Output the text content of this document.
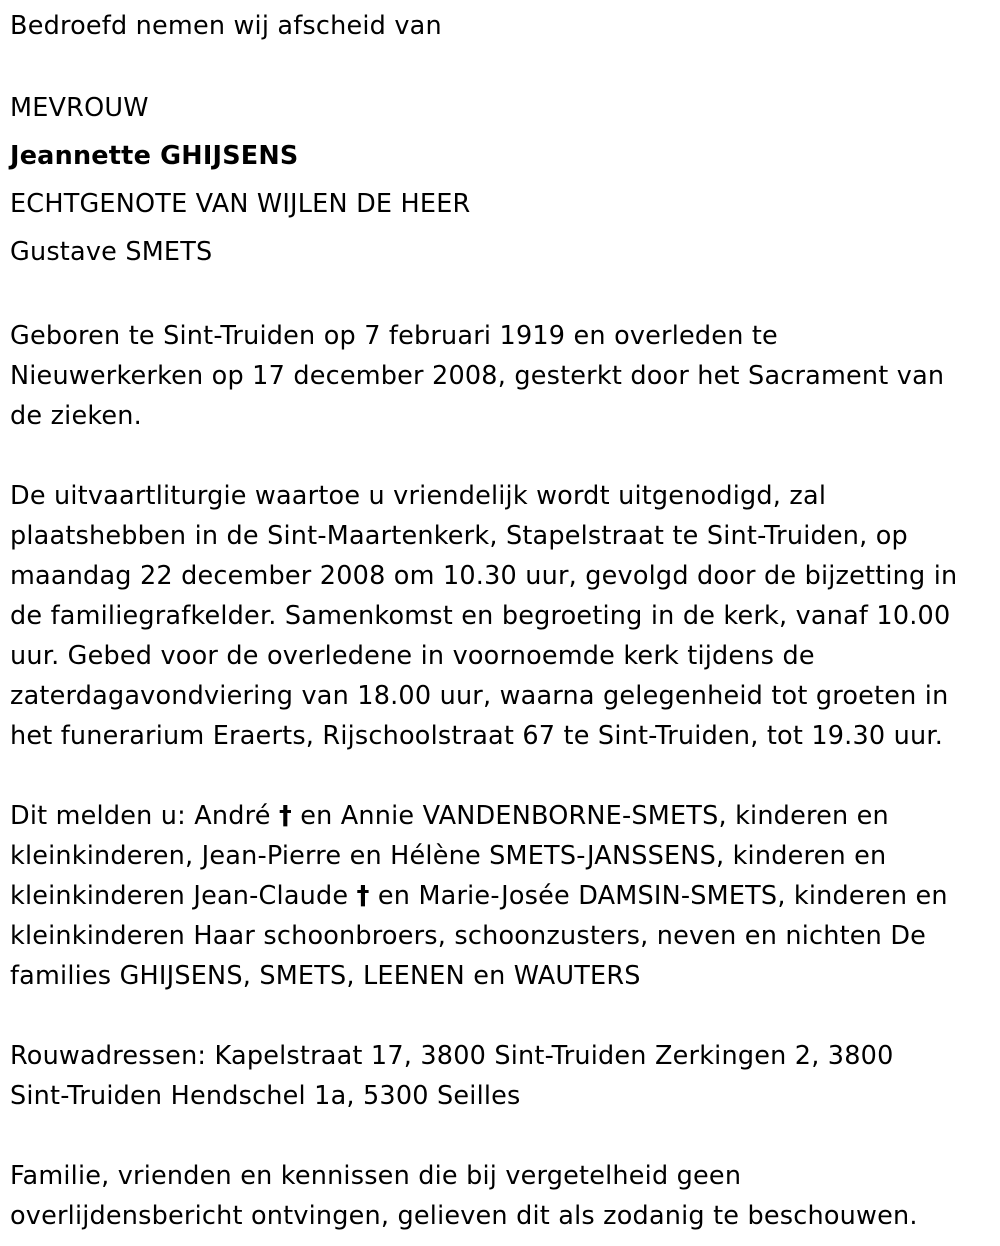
Bedroefd nemen wij afscheid van
MEVROUW
Jeannette GHIJSENS
ECHTGENOTE VAN WIJLEN DE HEER
Gustave SMETS
Geboren te Sint-Truiden op 7 februari 1919 en overleden te
Nieuwerkerken op 17 december 2008, gesterkt door het Sacrament van
de zieken.
De uitvaartliturgie waartoe u vriendelijk wordt uitgenodigd, zal
plaatshebben in de Sint-Maartenkerk, Stapelstraat te Sint-Truiden, op
maandag 22 december 2008 om 10.30 uur, gevolgd door de bijzetting in
de familiegrafkelder. Samenkomst en begroeting in de kerk, vanaf 10.00
uur. Gebed voor de overledene in voornoemde kerk tijdens de
zaterdagavondviering van 18.00 uur, waarna gelegenheid tot groeten in
het funerarium Eraerts, Rijschoolstraat 67 te Sint-Truiden, tot 19.30 uur.
Dit melden u: André † en Annie VANDENBORNE-SMETS, kinderen en
kleinkinderen, Jean-Pierre en Hélène SMETS-JANSSENS, kinderen en
kleinkinderen Jean-Claude † en Marie-Josée DAMSIN-SMETS, kinderen en
kleinkinderen Haar schoonbroers, schoonzusters, neven en nichten De
families GHIJSENS, SMETS, LEENEN en WAUTERS
Rouwadressen: Kapelstraat 17, 3800 Sint-Truiden Zerkingen 2, 3800
Sint-Truiden Hendschel 1a, 5300 Seilles
Familie, vrienden en kennissen die bij vergetelheid geen
overlijdensbericht ontvingen, gelieven dit als zodanig te beschouwen.
